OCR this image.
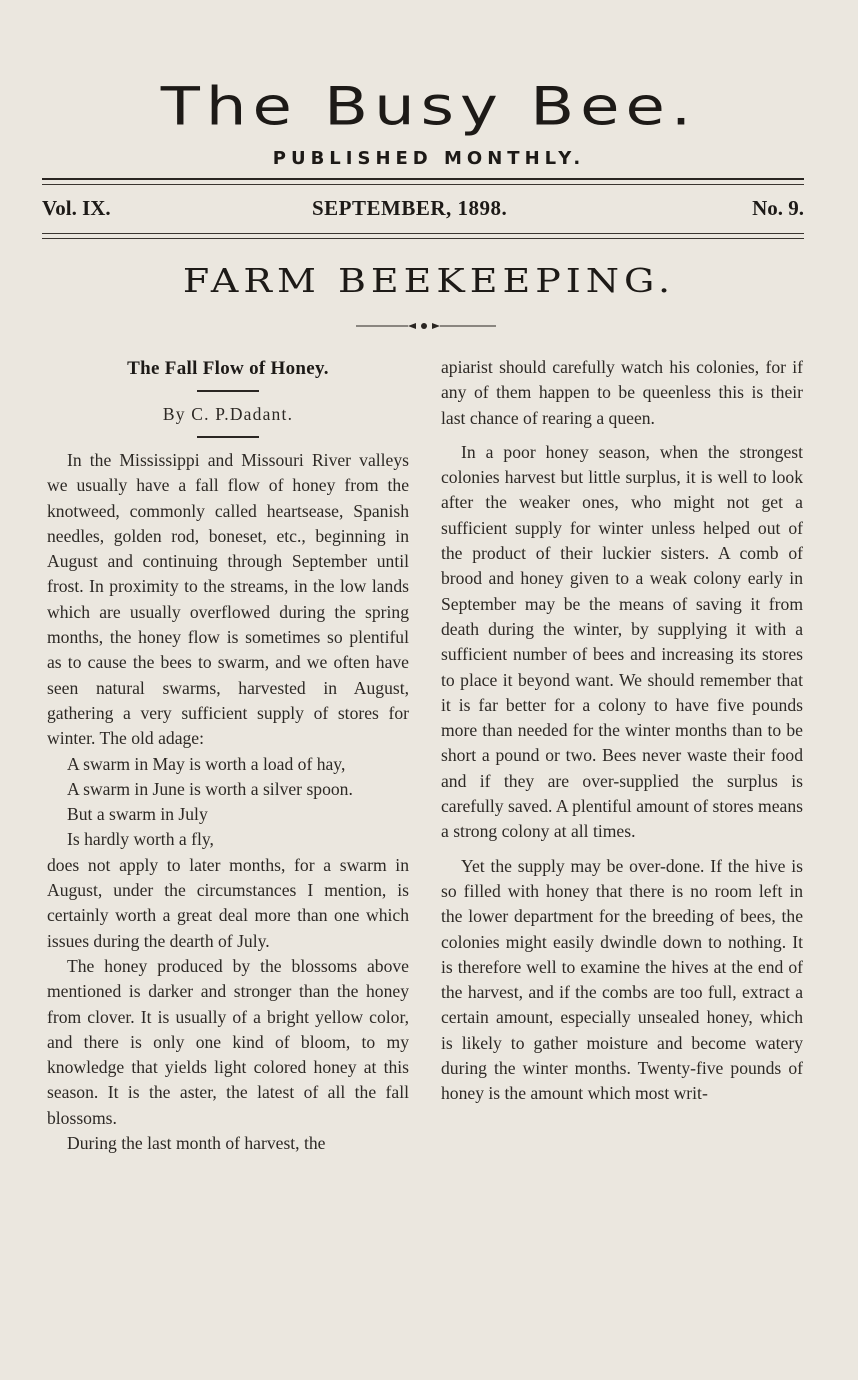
The Busy Bee.
PUBLISHED MONTHLY.
Vol. IX.	SEPTEMBER, 1898.	No. 9.
FARM BEEKEEPING.
The Fall Flow of Honey.
By C. P.Dadant.

In the Mississippi and Missouri River valleys we usually have a fall flow of honey from the knotweed, commonly called heartsease, Spanish needles, golden rod, boneset, etc., beginning in August and continuing through September until frost. In proximity to the streams, in the low lands which are usually overflowed during the spring months, the honey flow is sometimes so plentiful as to cause the bees to swarm, and we often have seen natural swarms, harvested in August, gathering a very sufficient supply of stores for winter. The old adage:

A swarm in May is worth a load of hay,
A swarm in June is worth a silver spoon.
But a swarm in July
Is hardly worth a fly,

does not apply to later months, for a swarm in August, under the circumstances I mention, is certainly worth a great deal more than one which issues during the dearth of July.

The honey produced by the blossoms above mentioned is darker and stronger than the honey from clover. It is usually of a bright yellow color, and there is only one kind of bloom, to my knowledge that yields light colored honey at this season. It is the aster, the latest of all the fall blossoms.

During the last month of harvest, the

apiarist should carefully watch his colonies, for if any of them happen to be queenless this is their last chance of rearing a queen.

In a poor honey season, when the strongest colonies harvest but little surplus, it is well to look after the weaker ones, who might not get a sufficient supply for winter unless helped out of the product of their luckier sisters. A comb of brood and honey given to a weak colony early in September may be the means of saving it from death during the winter, by supplying it with a sufficient number of bees and increasing its stores to place it beyond want. We should remember that it is far better for a colony to have five pounds more than needed for the winter months than to be short a pound or two. Bees never waste their food and if they are over-supplied the surplus is carefully saved. A plentiful amount of stores means a strong colony at all times.

Yet the supply may be over-done. If the hive is so filled with honey that there is no room left in the lower department for the breeding of bees, the colonies might easily dwindle down to nothing. It is therefore well to examine the hives at the end of the harvest, and if the combs are too full, extract a certain amount, especially unsealed honey, which is likely to gather moisture and become watery during the winter months. Twenty-five pounds of honey is the amount which most writ-
